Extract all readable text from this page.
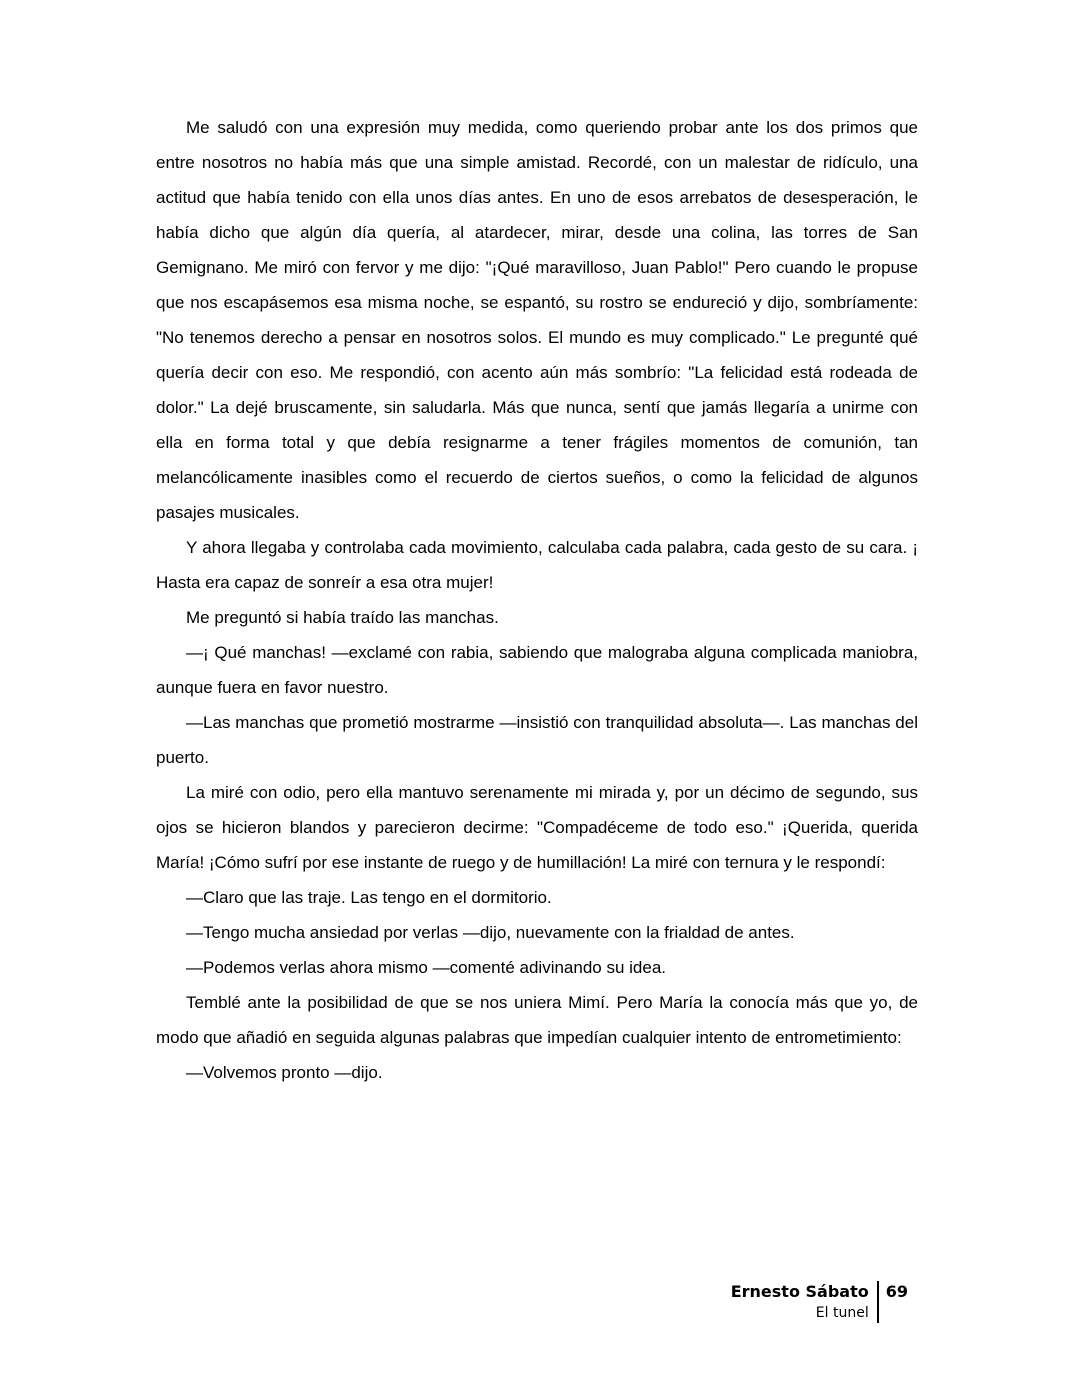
Me saludó con una expresión muy medida, como queriendo probar ante los dos primos que entre nosotros no había más que una simple amistad. Recordé, con un malestar de ridículo, una actitud que había tenido con ella unos días antes. En uno de esos arrebatos de desesperación, le había dicho que algún día quería, al atardecer, mirar, desde una colina, las torres de San Gemignano. Me miró con fervor y me dijo: "¡Qué maravilloso, Juan Pablo!" Pero cuando le propuse que nos escapásemos esa misma noche, se espantó, su rostro se endureció y dijo, sombríamente: "No tenemos derecho a pensar en nosotros solos. El mundo es muy complicado." Le pregunté qué quería decir con eso. Me respondió, con acento aún más sombrío: "La felicidad está rodeada de dolor." La dejé bruscamente, sin saludarla. Más que nunca, sentí que jamás llegaría a unirme con ella en forma total y que debía resignarme a tener frágiles momentos de comunión, tan melancólicamente inasibles como el recuerdo de ciertos sueños, o como la felicidad de algunos pasajes musicales.

Y ahora llegaba y controlaba cada movimiento, calculaba cada palabra, cada gesto de su cara. ¡ Hasta era capaz de sonreír a esa otra mujer!

Me preguntó si había traído las manchas.

—¡ Qué manchas! —exclamé con rabia, sabiendo que malograba alguna complicada maniobra, aunque fuera en favor nuestro.

—Las manchas que prometió mostrarme —insistió con tranquilidad absoluta—. Las manchas del puerto.

La miré con odio, pero ella mantuvo serenamente mi mirada y, por un décimo de segundo, sus ojos se hicieron blandos y parecieron decirme: "Compadéceme de todo eso." ¡Querida, querida María! ¡Cómo sufrí por ese instante de ruego y de humillación! La miré con ternura y le respondí:

—Claro que las traje. Las tengo en el dormitorio.

—Tengo mucha ansiedad por verlas —dijo, nuevamente con la frialdad de antes.

—Podemos verlas ahora mismo —comenté adivinando su idea.

Temblé ante la posibilidad de que se nos uniera Mimí. Pero María la conocía más que yo, de modo que añadió en seguida algunas palabras que impedían cualquier intento de entrometimiento:

—Volvemos pronto —dijo.

Ernesto Sábato
El tunel
69
